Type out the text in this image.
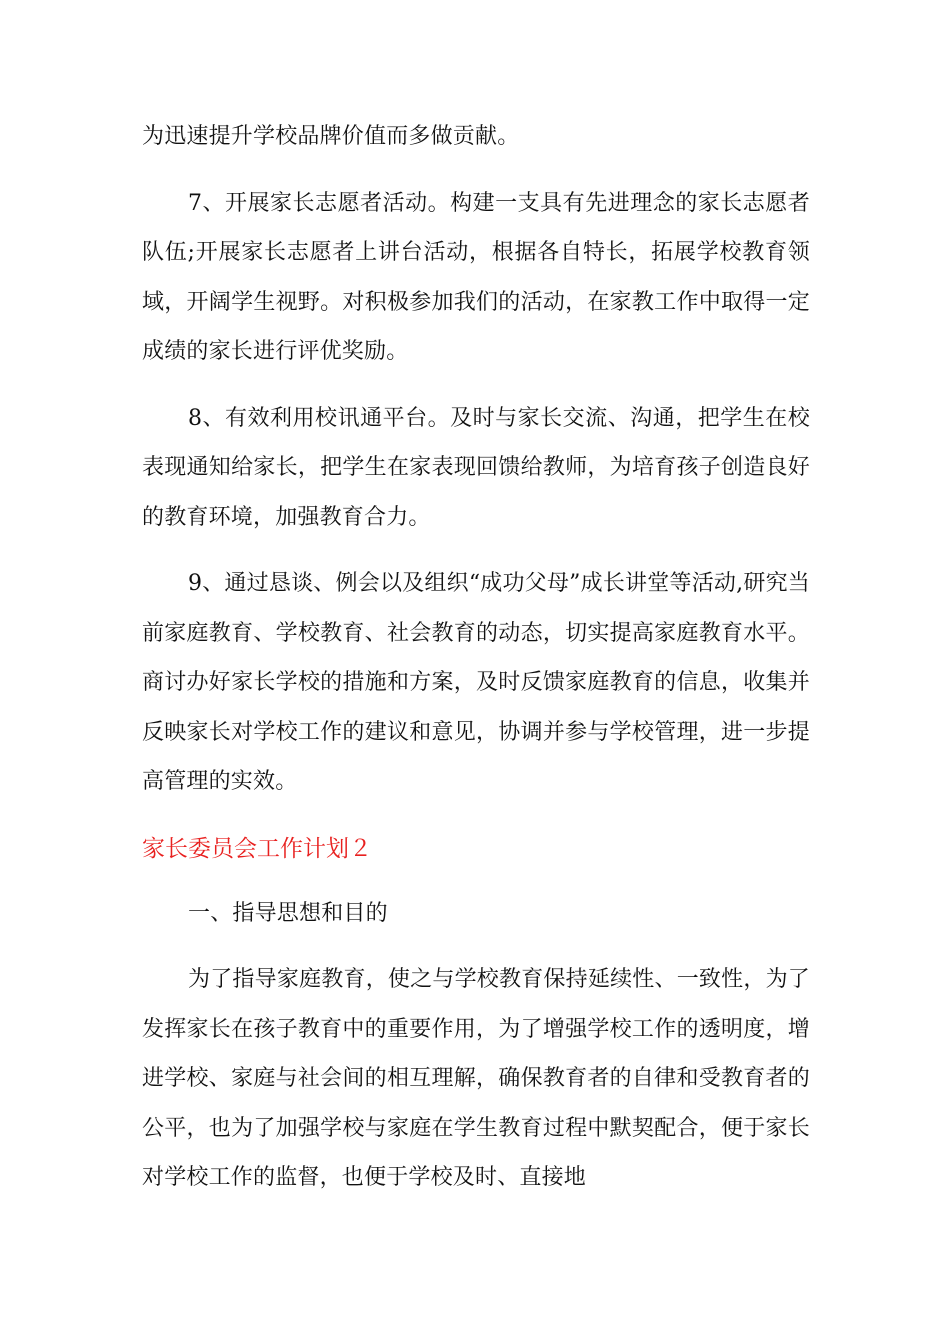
为迅速提升学校品牌价值而多做贡献。

7、开展家长志愿者活动。构建一支具有先进理念的家长志愿者队伍;开展家长志愿者上讲台活动，根据各自特长，拓展学校教育领域，开阔学生视野。对积极参加我们的活动，在家教工作中取得一定成绩的家长进行评优奖励。

8、有效利用校讯通平台。及时与家长交流、沟通，把学生在校表现通知给家长，把学生在家表现回馈给教师，为培育孩子创造良好的教育环境，加强教育合力。

9、通过恳谈、例会以及组织“成功父母”成长讲堂等活动,研究当前家庭教育、学校教育、社会教育的动态，切实提高家庭教育水平。商讨办好家长学校的措施和方案，及时反馈家庭教育的信息，收集并反映家长对学校工作的建议和意见，协调并参与学校管理，进一步提高管理的实效。

家长委员会工作计划２

一、指导思想和目的

为了指导家庭教育，使之与学校教育保持延续性、一致性，为了发挥家长在孩子教育中的重要作用，为了增强学校工作的透明度，增进学校、家庭与社会间的相互理解，确保教育者的自律和受教育者的公平，也为了加强学校与家庭在学生教育过程中默契配合，便于家长对学校工作的监督，也便于学校及时、直接地
